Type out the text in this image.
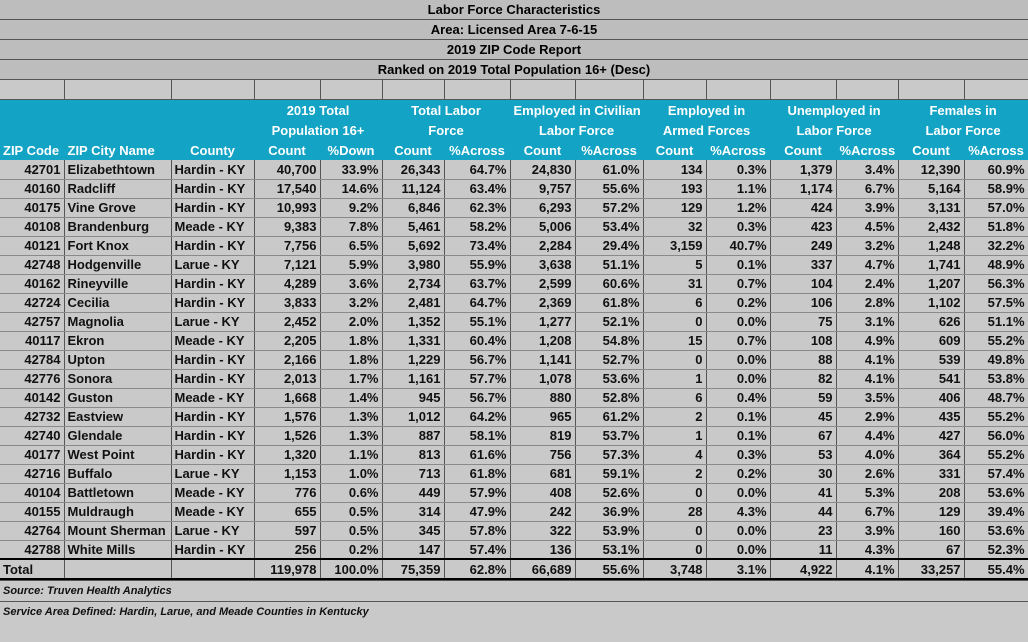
Labor Force Characteristics
Area: Licensed Area 7-6-15
2019 ZIP Code Report
Ranked on 2019 Total Population 16+ (Desc)
			2019 Total		Total Labor		Employed in Civilian		Employed in		Unemployed in		Females in	
			Population 16+		Force		Labor Force		Armed Forces		Labor Force		Labor Force	
ZIP Code	ZIP City Name	County	Count	%Down	Count	%Across	Count	%Across	Count	%Across	Count	%Across	Count	%Across
42701	Elizabethtown	Hardin - KY	40,700	33.9%	26,343	64.7%	24,830	61.0%	134	0.3%	1,379	3.4%	12,390	60.9%
40160	Radcliff	Hardin - KY	17,540	14.6%	11,124	63.4%	9,757	55.6%	193	1.1%	1,174	6.7%	5,164	58.9%
40175	Vine Grove	Hardin - KY	10,993	9.2%	6,846	62.3%	6,293	57.2%	129	1.2%	424	3.9%	3,131	57.0%
40108	Brandenburg	Meade - KY	9,383	7.8%	5,461	58.2%	5,006	53.4%	32	0.3%	423	4.5%	2,432	51.8%
40121	Fort Knox	Hardin - KY	7,756	6.5%	5,692	73.4%	2,284	29.4%	3,159	40.7%	249	3.2%	1,248	32.2%
42748	Hodgenville	Larue - KY	7,121	5.9%	3,980	55.9%	3,638	51.1%	5	0.1%	337	4.7%	1,741	48.9%
40162	Rineyville	Hardin - KY	4,289	3.6%	2,734	63.7%	2,599	60.6%	31	0.7%	104	2.4%	1,207	56.3%
42724	Cecilia	Hardin - KY	3,833	3.2%	2,481	64.7%	2,369	61.8%	6	0.2%	106	2.8%	1,102	57.5%
42757	Magnolia	Larue - KY	2,452	2.0%	1,352	55.1%	1,277	52.1%	0	0.0%	75	3.1%	626	51.1%
40117	Ekron	Meade - KY	2,205	1.8%	1,331	60.4%	1,208	54.8%	15	0.7%	108	4.9%	609	55.2%
42784	Upton	Hardin - KY	2,166	1.8%	1,229	56.7%	1,141	52.7%	0	0.0%	88	4.1%	539	49.8%
42776	Sonora	Hardin - KY	2,013	1.7%	1,161	57.7%	1,078	53.6%	1	0.0%	82	4.1%	541	53.8%
40142	Guston	Meade - KY	1,668	1.4%	945	56.7%	880	52.8%	6	0.4%	59	3.5%	406	48.7%
42732	Eastview	Hardin - KY	1,576	1.3%	1,012	64.2%	965	61.2%	2	0.1%	45	2.9%	435	55.2%
42740	Glendale	Hardin - KY	1,526	1.3%	887	58.1%	819	53.7%	1	0.1%	67	4.4%	427	56.0%
40177	West Point	Hardin - KY	1,320	1.1%	813	61.6%	756	57.3%	4	0.3%	53	4.0%	364	55.2%
42716	Buffalo	Larue - KY	1,153	1.0%	713	61.8%	681	59.1%	2	0.2%	30	2.6%	331	57.4%
40104	Battletown	Meade - KY	776	0.6%	449	57.9%	408	52.6%	0	0.0%	41	5.3%	208	53.6%
40155	Muldraugh	Meade - KY	655	0.5%	314	47.9%	242	36.9%	28	4.3%	44	6.7%	129	39.4%
42764	Mount Sherman	Larue - KY	597	0.5%	345	57.8%	322	53.9%	0	0.0%	23	3.9%	160	53.6%
42788	White Mills	Hardin - KY	256	0.2%	147	57.4%	136	53.1%	0	0.0%	11	4.3%	67	52.3%
Total			119,978	100.0%	75,359	62.8%	66,689	55.6%	3,748	3.1%	4,922	4.1%	33,257	55.4%
Source: Truven Health Analytics
Service Area Defined: Hardin, Larue, and Meade Counties in Kentucky
